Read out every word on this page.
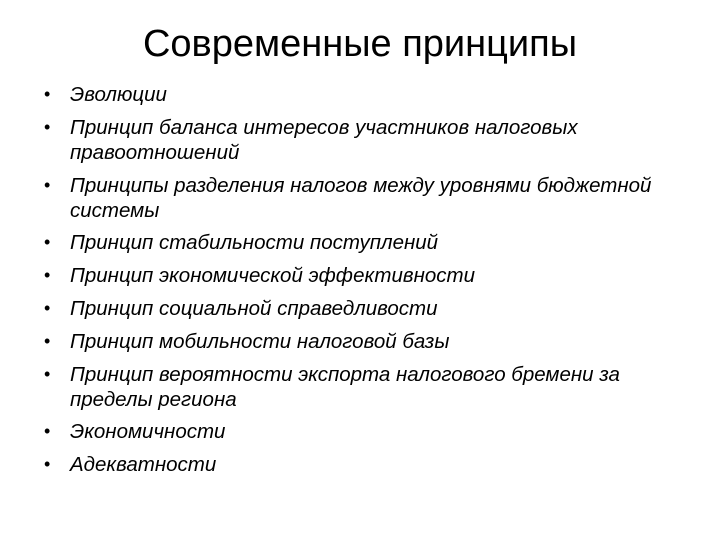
Современные принципы
• Эволюции
• Принцип баланса интересов участников налоговых правоотношений
• Принципы разделения налогов между уровнями бюджетной системы
• Принцип стабильности поступлений
• Принцип экономической эффективности
• Принцип социальной справедливости
• Принцип мобильности налоговой базы
• Принцип вероятности экспорта налогового бремени за пределы региона
• Экономичности
• Адекватности
